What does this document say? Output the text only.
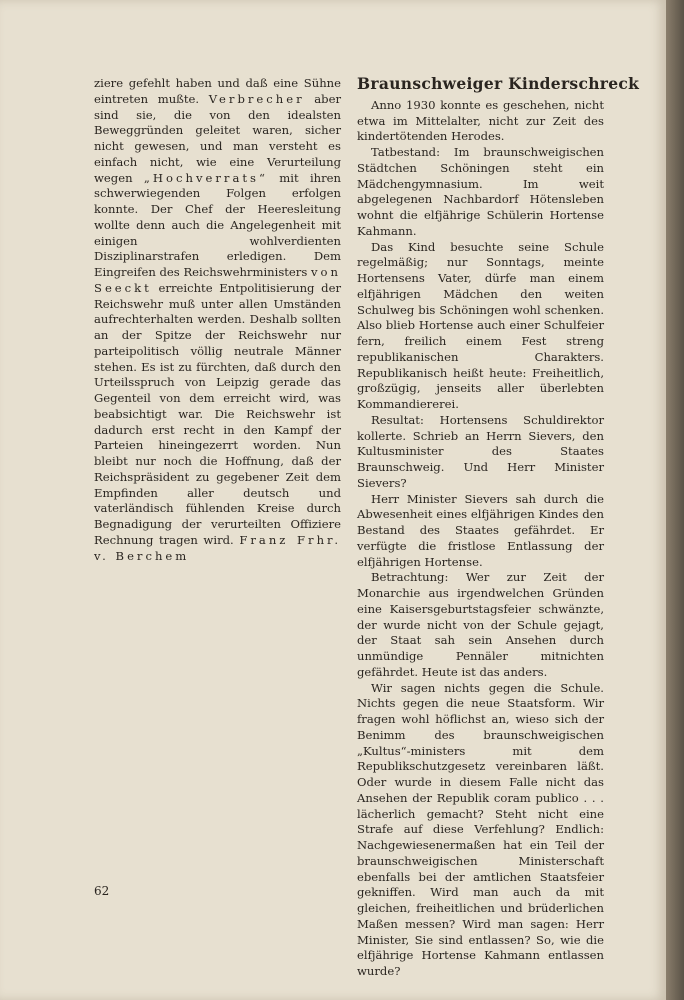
ziere gefehlt haben und daß eine Sühne eintreten mußte. Verbrecher aber sind sie, die von den idealsten Beweggründen geleitet waren, sicher nicht gewesen, und man versteht es einfach nicht, wie eine Verurteilung wegen „Hochverrats“ mit ihren schwerwiegenden Folgen erfolgen konnte. Der Chef der Heeresleitung wollte denn auch die Angelegenheit mit einigen wohlverdienten Disziplinarstrafen erledigen. Dem Eingreifen des Reichswehrministers von Seeckt erreichte Entpolitisierung der Reichswehr muß unter allen Umständen aufrechterhalten werden. Deshalb sollten an der Spitze der Reichswehr nur parteipolitisch völlig neutrale Männer stehen. Es ist zu fürchten, daß durch den Urteilsspruch von Leipzig gerade das Gegenteil von dem erreicht wird, was beabsichtigt war. Die Reichswehr ist dadurch erst recht in den Kampf der Parteien hineingezerrt worden. Nun bleibt nur noch die Hoffnung, daß der Reichspräsident zu gegebener Zeit dem Empfinden aller deutsch und vaterländisch fühlenden Kreise durch Begnadigung der verurteilten Offiziere Rechnung tragen wird. Franz Frhr. v. Berchem

Braunschweiger Kinderschreck

Anno 1930 konnte es geschehen, nicht etwa im Mittelalter, nicht zur Zeit des kindertötenden Herodes.

Tatbestand: Im braunschweigischen Städtchen Schöningen steht ein Mädchengymnasium. Im weit abgelegenen Nachbardorf Hötensleben wohnt die elfjährige Schülerin Hortense Kahmann.

Das Kind besuchte seine Schule regelmäßig; nur Sonntags, meinte Hortensens Vater, dürfe man einem elfjährigen Mädchen den weiten Schulweg bis Schöningen wohl schenken. Also blieb Hortense auch einer Schulfeier fern, freilich einem Fest streng republikanischen Charakters. Republikanisch heißt heute: Freiheitlich, großzügig, jenseits aller überlebten Kommandiererei.

Resultat: Hortensens Schuldirektor kollerte. Schrieb an Herrn Sievers, den Kultusminister des Staates Braunschweig. Und Herr Minister Sievers?

Herr Minister Sievers sah durch die Abwesenheit eines elfjährigen Kindes den Bestand des Staates gefährdet. Er verfügte die fristlose Entlassung der elfjährigen Hortense.

Betrachtung: Wer zur Zeit der Monarchie aus irgendwelchen Gründen eine Kaisersgeburtstagsfeier schwänzte, der wurde nicht von der Schule gejagt, der Staat sah sein Ansehen durch unmündige Pennäler mitnichten gefährdet. Heute ist das anders.

Wir sagen nichts gegen die Schule. Nichts gegen die neue Staatsform. Wir fragen wohl höflichst an, wieso sich der Benimm des braunschweigischen „Kultus“-ministers mit dem Republikschutzgesetz vereinbaren läßt. Oder wurde in diesem Falle nicht das Ansehen der Republik coram publico . . . lächerlich gemacht? Steht nicht eine Strafe auf diese Verfehlung? Endlich: Nachgewiesenermaßen hat ein Teil der braunschweigischen Ministerschaft ebenfalls bei der amtlichen Staatsfeier gekniffen. Wird man auch da mit gleichen, freiheitlichen und brüderlichen Maßen messen? Wird man sagen: Herr Minister, Sie sind entlassen? So, wie die elfjährige Hortense Kahmann entlassen wurde?

62
